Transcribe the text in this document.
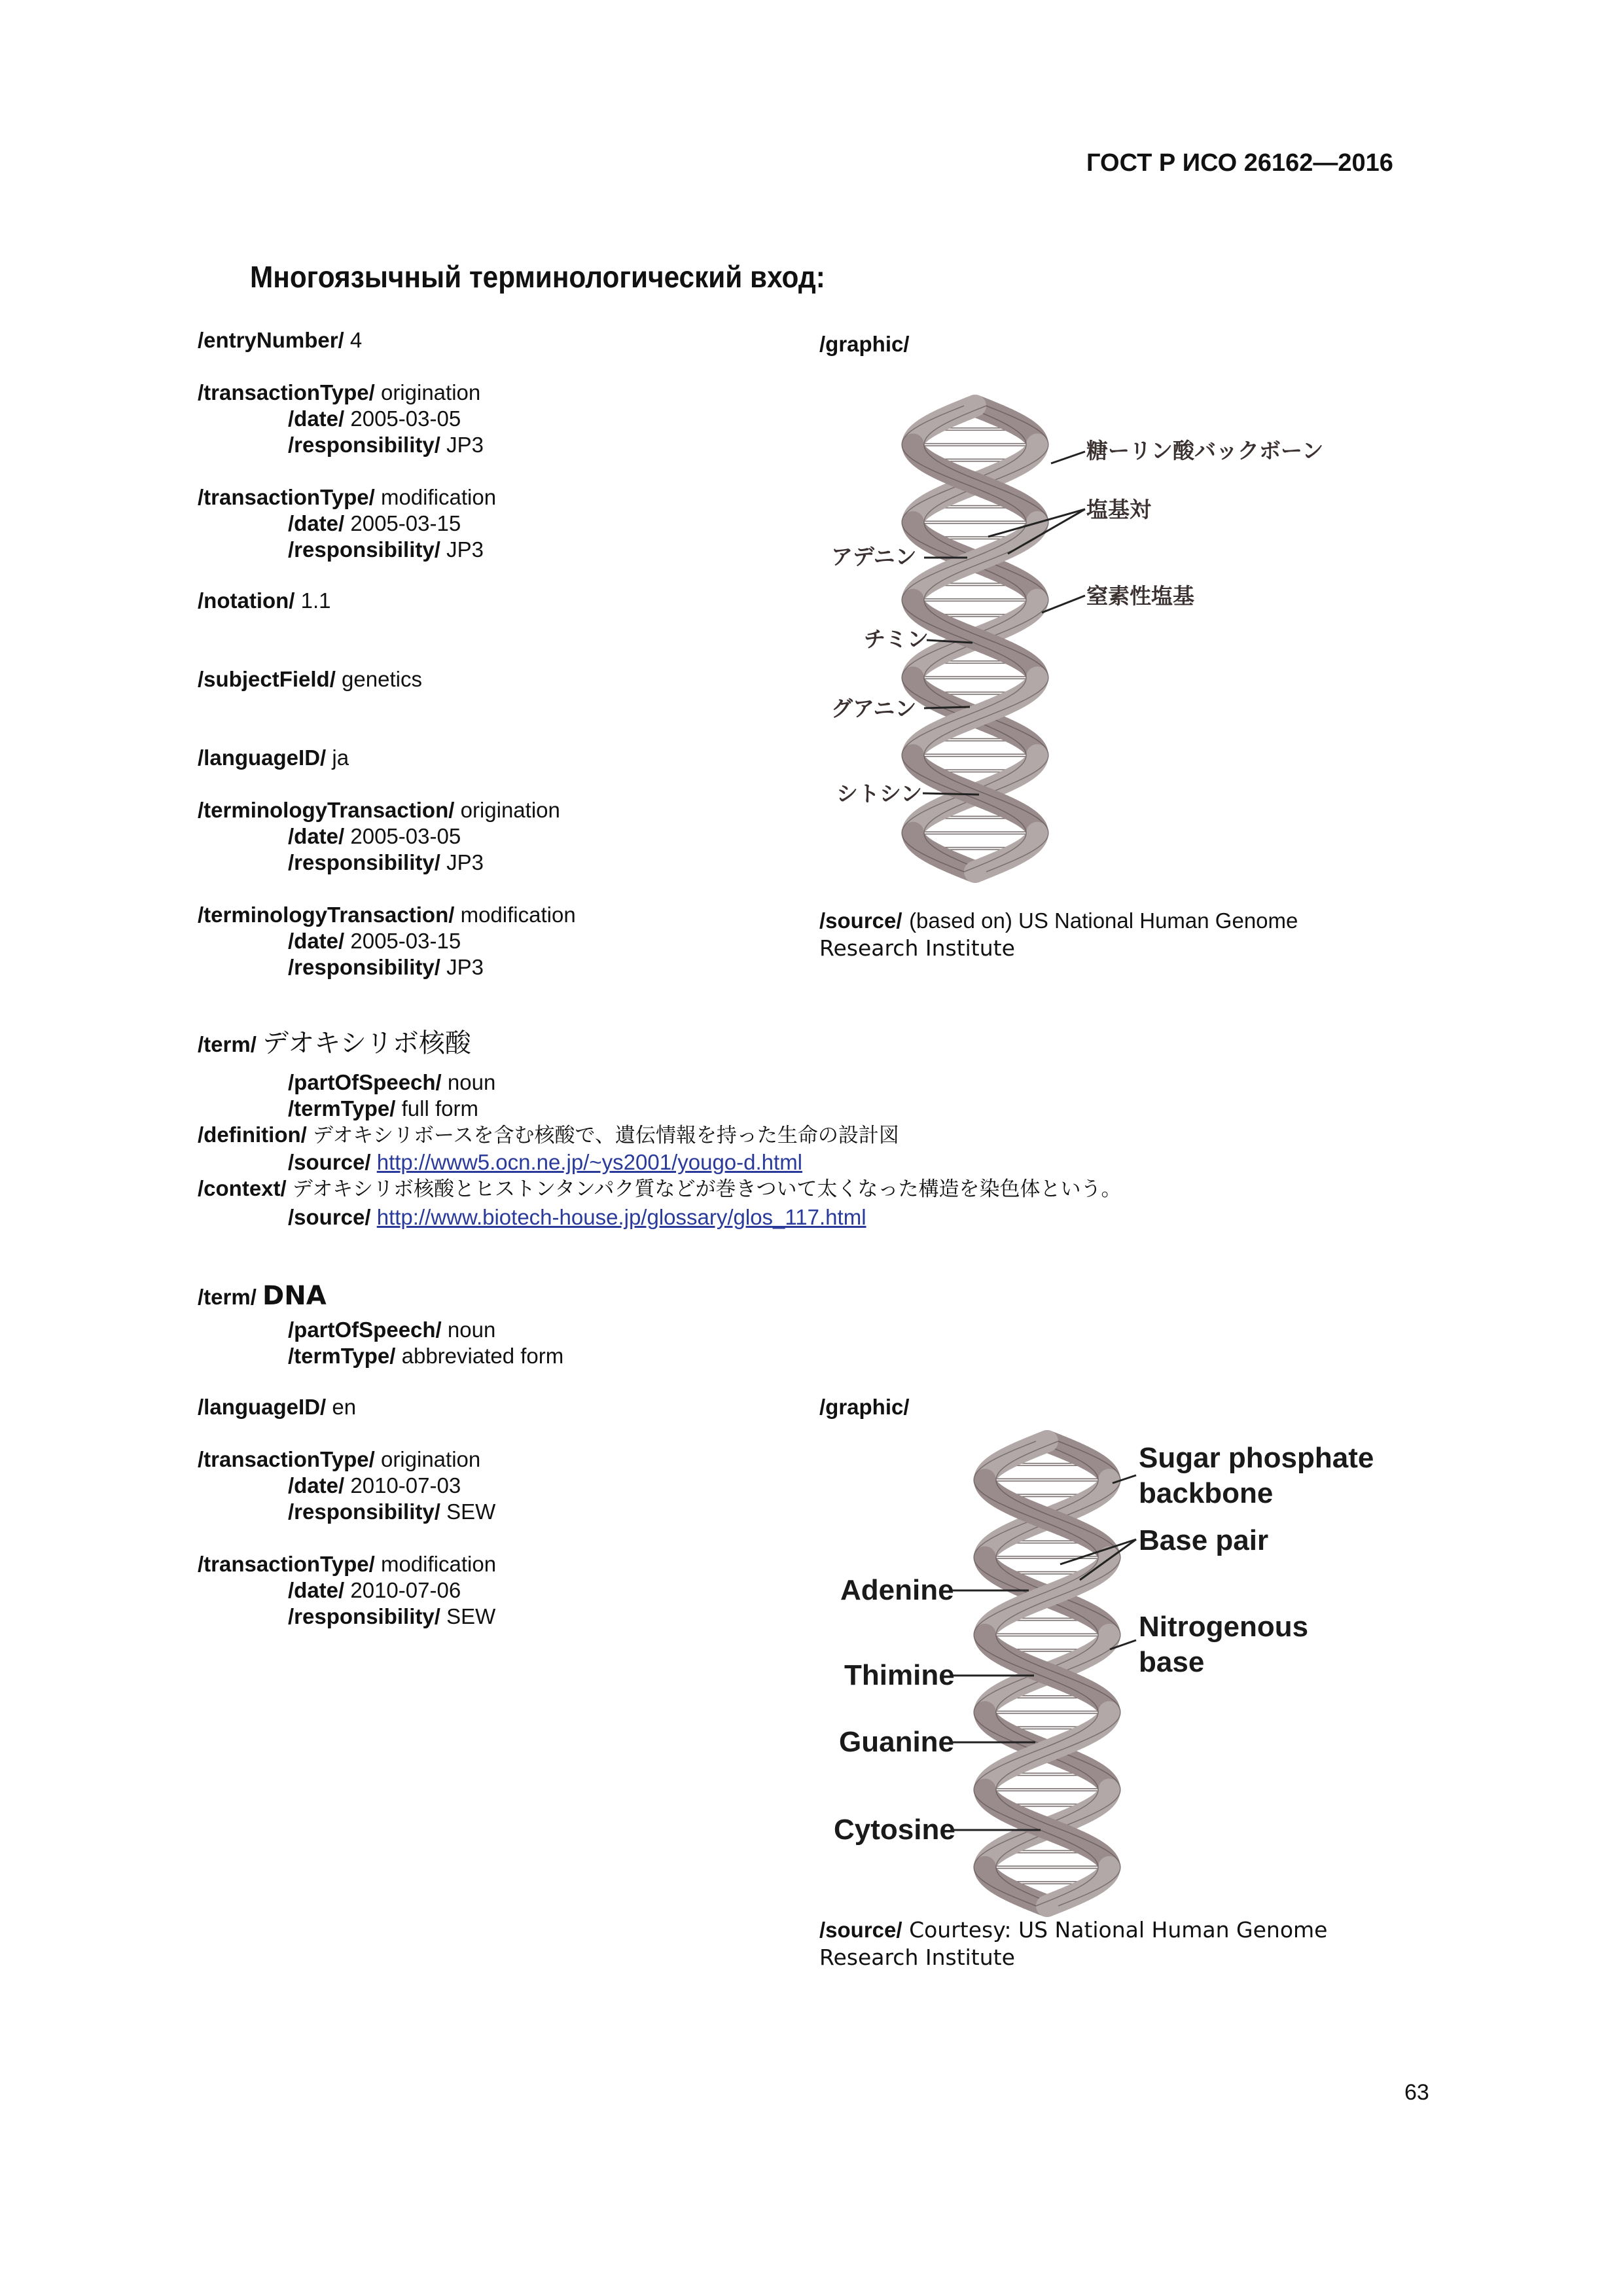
ГОСТ Р ИСО 26162—2016
Многоязычный терминологический вход:
/entryNumber/ 4
/transactionType/ origination
/date/ 2005-03-05
/responsibility/ JP3
/transactionType/ modification
/date/ 2005-03-15
/responsibility/ JP3
/notation/ 1.1
/subjectField/ genetics
/languageID/ ja
/terminologyTransaction/ origination
/date/ 2005-03-05
/responsibility/ JP3
/terminologyTransaction/ modification
/date/ 2005-03-15
/responsibility/ JP3
/graphic/
糖ーリン酸バックボーン
塩基対
窒素性塩基
アデニン
チミン
グアニン
シトシン
/source/ (based on) US National Human Genome
Research Institute
/term/ デオキシリボ核酸
/partOfSpeech/ noun
/termType/ full form
/definition/ デオキシリボースを含む核酸で、遺伝情報を持った生命の設計図
/source/ http://www5.ocn.ne.jp/~ys2001/yougo-d.html
/context/ デオキシリボ核酸とヒストンタンパク質などが巻きついて太くなった構造を染色体という。
/source/ http://www.biotech-house.jp/glossary/glos_117.html
/term/ DNA
/partOfSpeech/ noun
/termType/ abbreviated form
/languageID/ en	/graphic/
/transactionType/ origination
/date/ 2010-07-03
/responsibility/ SEW
/transactionType/ modification
/date/ 2010-07-06
/responsibility/ SEW
Sugar phosphate
backbone
Base pair
Nitrogenous
base
Adenine
Thimine
Guanine
Cytosine
/source/ Courtesy: US National Human Genome
Research Institute
63
